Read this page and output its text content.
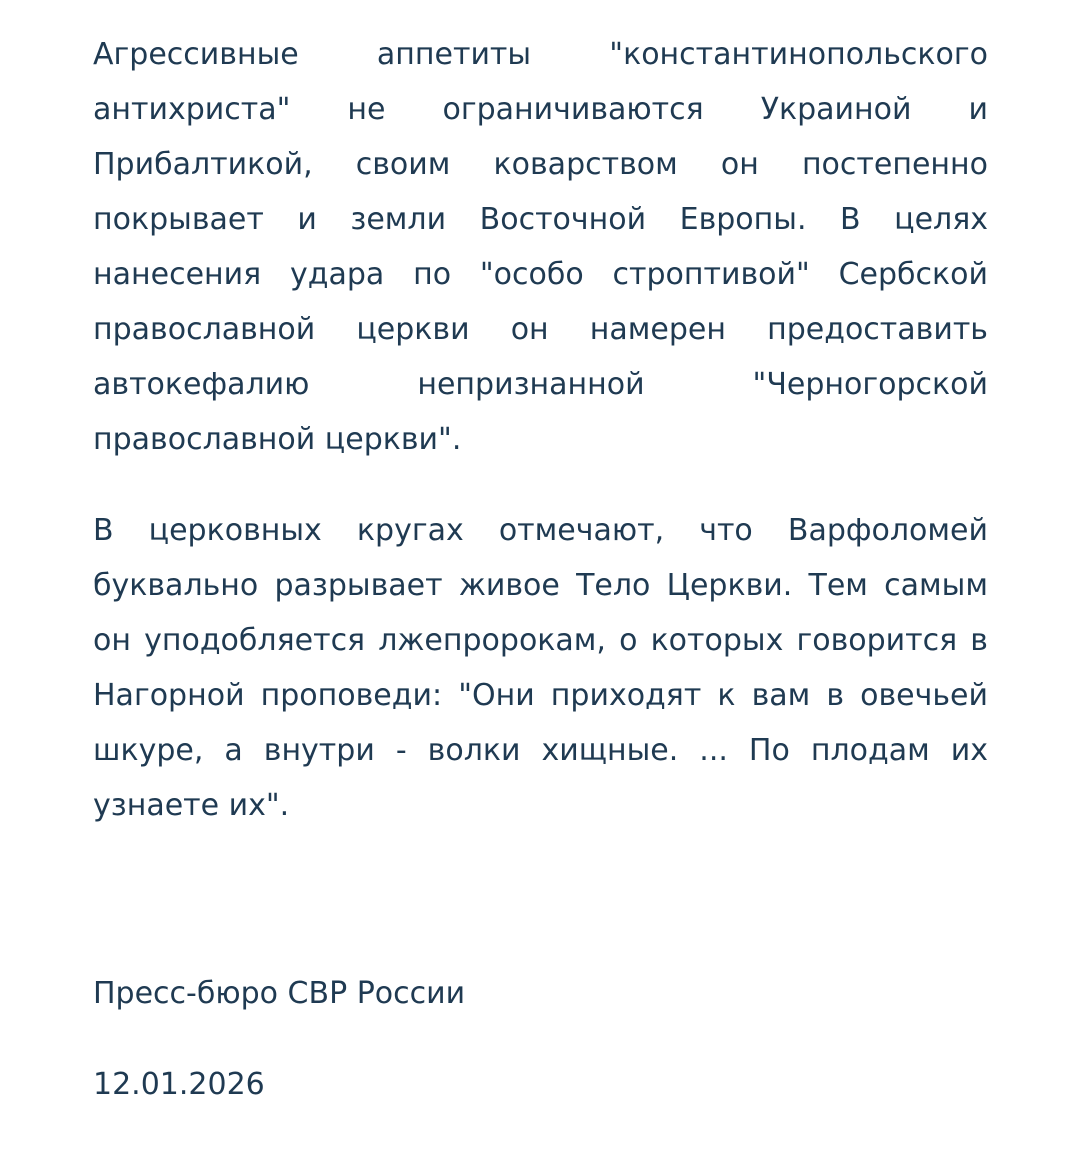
Агрессивные аппетиты "константинопольского антихриста" не ограничиваются Украиной и Прибалтикой, своим коварством он постепенно покрывает и земли Восточной Европы. В целях нанесения удара по "особо строптивой" Сербской православной церкви он намерен предоставить автокефалию непризнанной "Черногорской православной церкви".

В церковных кругах отмечают, что Варфоломей буквально разрывает живое Тело Церкви. Тем самым он уподобляется лжепророкам, о которых говорится в Нагорной проповеди: "Они приходят к вам в овечьей шкуре, а внутри - волки хищные. ... По плодам их узнаете их".

Пресс-бюро СВР России

12.01.2026
